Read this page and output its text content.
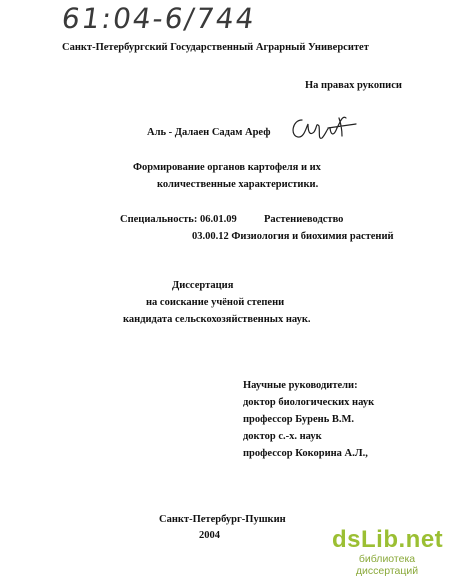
61:04-6/744
Санкт-Петербургский Государственный Аграрный Университет
На правах рукописи
Аль - Далаен Садам Ареф
Формирование органов картофеля и их
количественные характеристики.
Специальность: 06.01.09	Растениеводство
03.00.12 Физиология и биохимия растений
Диссертация
на соискание учёной степени
кандидата сельскохозяйственных наук.
Научные руководители:
доктор биологических наук
профессор Бурень В.М.
доктор с.-х. наук
профессор Кокорина А.Л.,
Санкт-Петербург-Пушкин
2004	dsLib.net
библиотека диссертаций
